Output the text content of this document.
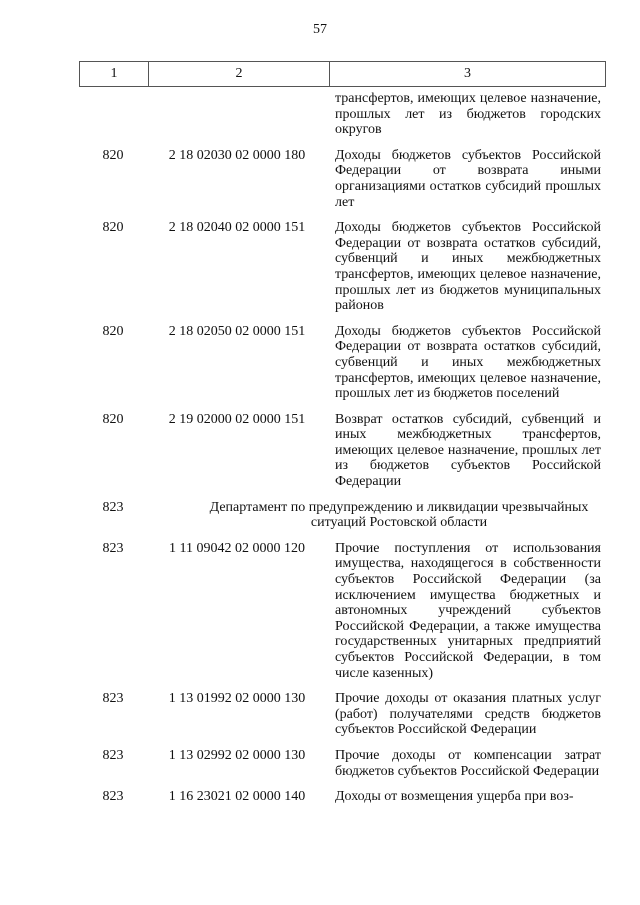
57
1	2	3
трансфертов, имеющих целевое назначение, прошлых лет из бюджетов городских округов
820	2 18 02030 02 0000 180	Доходы бюджетов субъектов Российской Федерации от возврата иными организациями остатков субсидий прошлых лет
820	2 18 02040 02 0000 151	Доходы бюджетов субъектов Российской Федерации от возврата остатков субсидий, субвенций и иных межбюджетных трансфертов, имеющих целевое назначение, прошлых лет из бюджетов муниципальных районов
820	2 18 02050 02 0000 151	Доходы бюджетов субъектов Российской Федерации от возврата остатков субсидий, субвенций и иных межбюджетных трансфертов, имеющих целевое назначение, прошлых лет из бюджетов поселений
820	2 19 02000 02 0000 151	Возврат остатков субсидий, субвенций и иных межбюджетных трансфертов, имеющих целевое назначение, прошлых лет из бюджетов субъектов Российской Федерации
823	Департамент по предупреждению и ликвидации чрезвычайных ситуаций Ростовской области
823	1 11 09042 02 0000 120	Прочие поступления от использования имущества, находящегося в собственности субъектов Российской Федерации (за исключением имущества бюджетных и автономных учреждений субъектов Российской Федерации, а также имущества государственных унитарных предприятий субъектов Российской Федерации, в том числе казенных)
823	1 13 01992 02 0000 130	Прочие доходы от оказания платных услуг (работ) получателями средств бюджетов субъектов Российской Федерации
823	1 13 02992 02 0000 130	Прочие доходы от компенсации затрат бюджетов субъектов Российской Федерации
823	1 16 23021 02 0000 140	Доходы от возмещения ущерба при воз-
